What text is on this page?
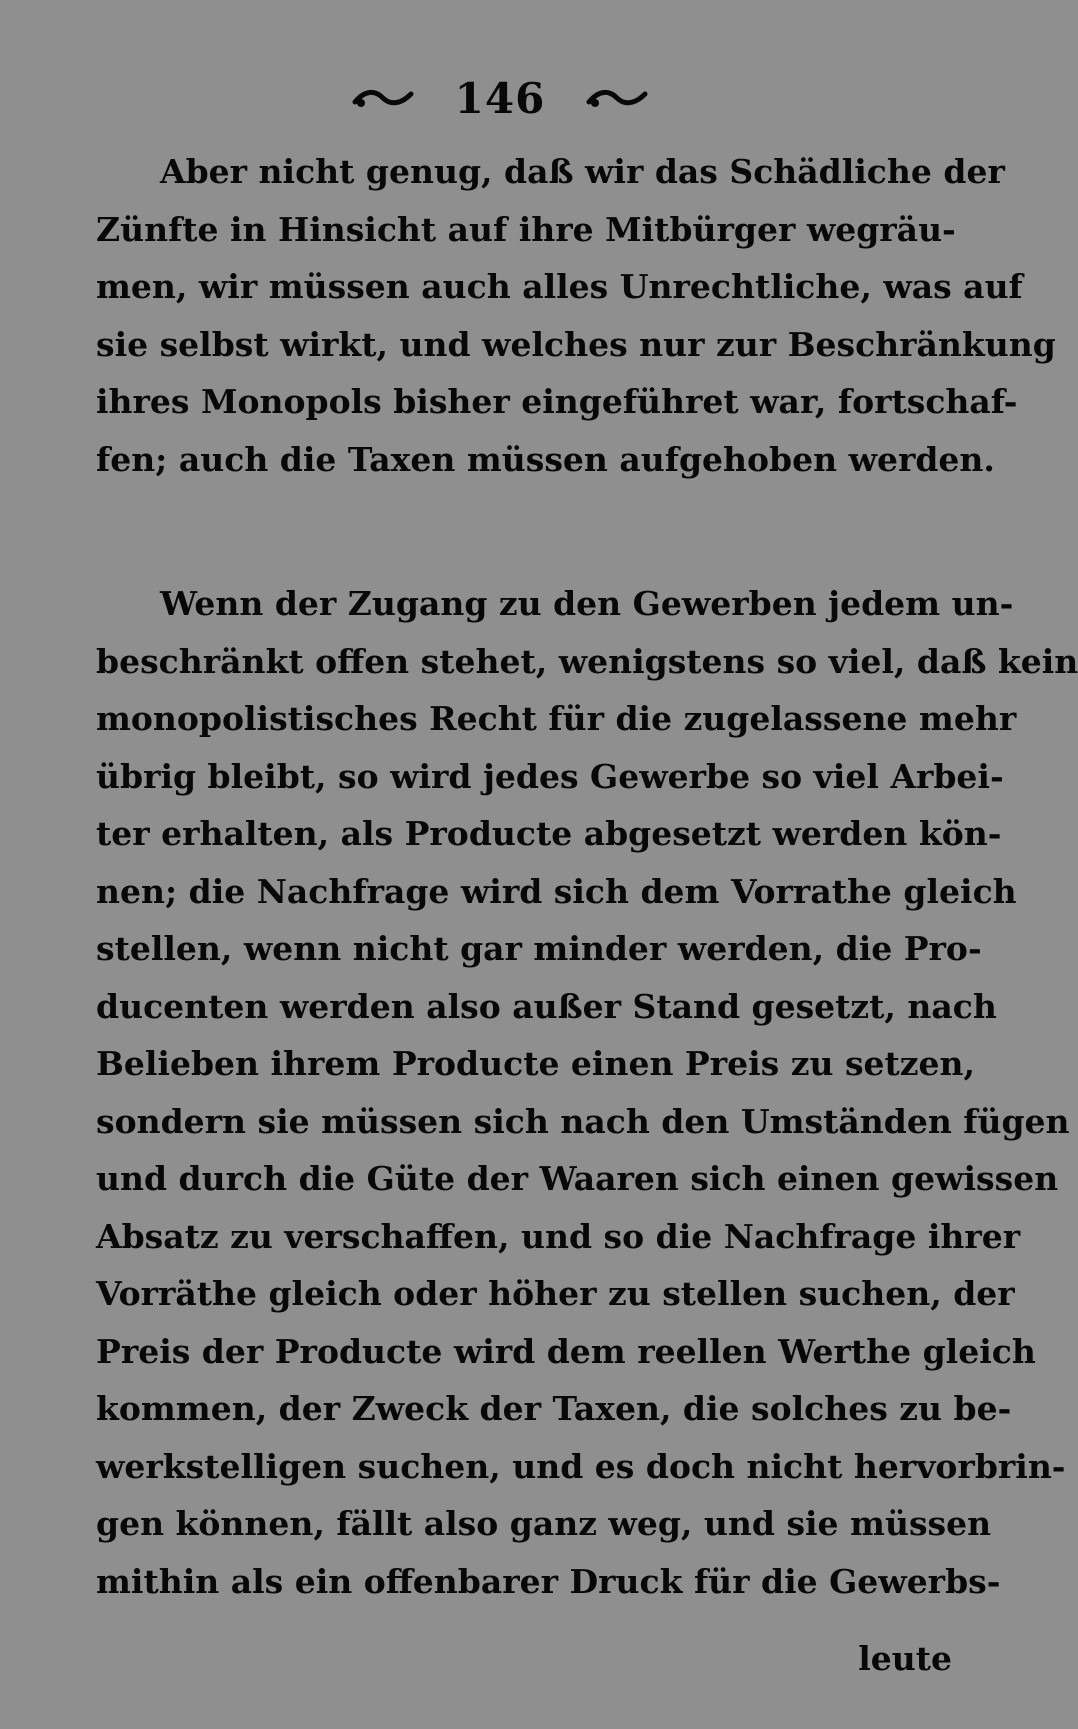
146
Aber nicht genug, daß wir das Schädliche der
Zünfte in Hinsicht auf ihre Mitbürger wegräu-
men, wir müssen auch alles Unrechtliche, was auf
sie selbst wirkt, und welches nur zur Beschränkung
ihres Monopols bisher eingeführet war, fortschaf-
fen; auch die Taxen müssen aufgehoben werden.
Wenn der Zugang zu den Gewerben jedem un-
beschränkt offen stehet, wenigstens so viel, daß kein
monopolistisches Recht für die zugelassene mehr
übrig bleibt, so wird jedes Gewerbe so viel Arbei-
ter erhalten, als Producte abgesetzt werden kön-
nen; die Nachfrage wird sich dem Vorrathe gleich
stellen, wenn nicht gar minder werden, die Pro-
ducenten werden also außer Stand gesetzt, nach
Belieben ihrem Producte einen Preis zu setzen,
sondern sie müssen sich nach den Umständen fügen
und durch die Güte der Waaren sich einen gewissen
Absatz zu verschaffen, und so die Nachfrage ihrer
Vorräthe gleich oder höher zu stellen suchen, der
Preis der Producte wird dem reellen Werthe gleich
kommen, der Zweck der Taxen, die solches zu be-
werkstelligen suchen, und es doch nicht hervorbrin-
gen können, fällt also ganz weg, und sie müssen
mithin als ein offenbarer Druck für die Gewerbs-
leute
